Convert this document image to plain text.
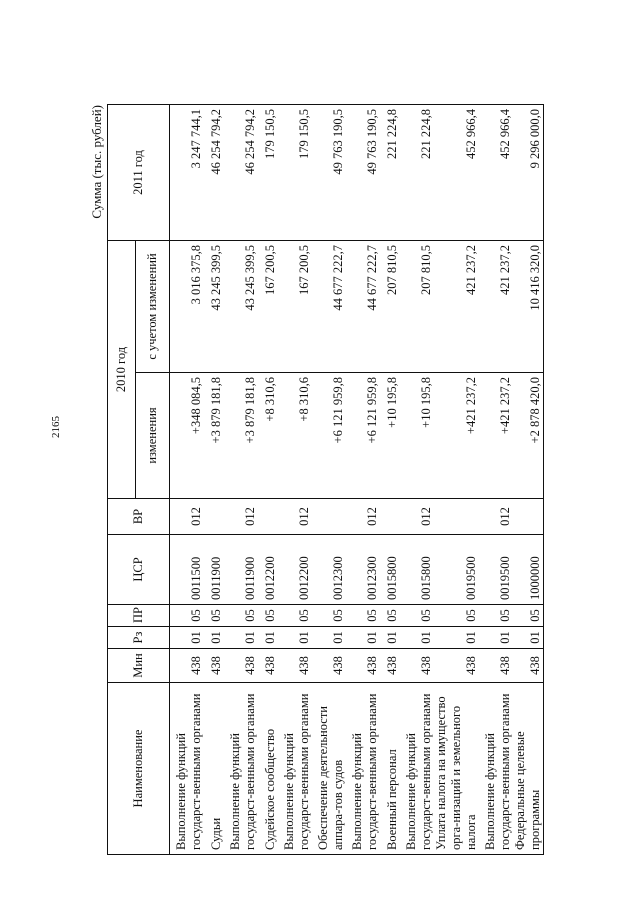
2165
Сумма (тыс. рублей)
Наименование	Мин	Рз	ПР	ЦСР	ВР	2010 год		2011 год
						изменения	с учетом изменений	
Выполнение функций государст-венными органами	438	01	05	0011500	012	+348 084,5	3 016 375,8	3 247 744,1
Судьи	438	01	05	0011900		+3 879 181,8	43 245 399,5	46 254 794,2
Выполнение функций государст-венными органами	438	01	05	0011900	012	+3 879 181,8	43 245 399,5	46 254 794,2
Судейское сообщество	438	01	05	0012200		+8 310,6	167 200,5	179 150,5
Выполнение функций государст-венными органами	438	01	05	0012200	012	+8 310,6	167 200,5	179 150,5
Обеспечение деятельности аппара-тов судов	438	01	05	0012300		+6 121 959,8	44 677 222,7	49 763 190,5
Выполнение функций государст-венными органами	438	01	05	0012300	012	+6 121 959,8	44 677 222,7	49 763 190,5
Военный персонал	438	01	05	0015800		+10 195,8	207 810,5	221 224,8
Выполнение функций государст-венными органами	438	01	05	0015800	012	+10 195,8	207 810,5	221 224,8
Уплата налога на имущество орга-низаций и земельного налога	438	01	05	0019500		+421 237,2	421 237,2	452 966,4
Выполнение функций государст-венными органами	438	01	05	0019500	012	+421 237,2	421 237,2	452 966,4
Федеральные целевые программы	438	01	05	1000000		+2 878 420,0	10 416 320,0	9 296 000,0
